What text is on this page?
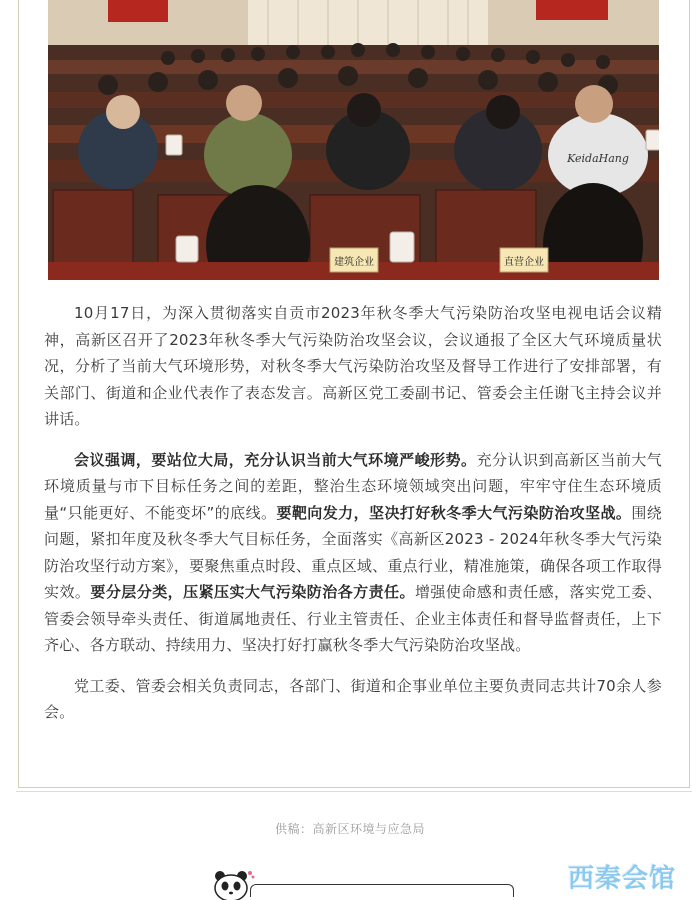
建筑企业	直营企业
KeidaHang

10月17日，为深入贯彻落实自贡市2023年秋冬季大气污染防治攻坚电视电话会议精神，高新区召开了2023年秋冬季大气污染防治攻坚会议，会议通报了全区大气环境质量状况，分析了当前大气环境形势，对秋冬季大气污染防治攻坚及督导工作进行了安排部署，有关部门、街道和企业代表作了表态发言。高新区党工委副书记、管委会主任谢飞主持会议并讲话。

会议强调，要站位大局，充分认识当前大气环境严峻形势。充分认识到高新区当前大气环境质量与市下目标任务之间的差距，整治生态环境领域突出问题，牢牢守住生态环境质量“只能更好、不能变坏”的底线。要靶向发力，坚决打好秋冬季大气污染防治攻坚战。围绕问题，紧扣年度及秋冬季大气目标任务，全面落实《高新区2023 - 2024年秋冬季大气污染防治攻坚行动方案》，要聚焦重点时段、重点区域、重点行业，精准施策，确保各项工作取得实效。要分层分类，压紧压实大气污染防治各方责任。增强使命感和责任感，落实党工委、管委会领导牵头责任、街道属地责任、行业主管责任、企业主体责任和督导监督责任，上下齐心、各方联动、持续用力、坚决打好打赢秋冬季大气污染防治攻坚战。

党工委、管委会相关负责同志，各部门、街道和企事业单位主要负责同志共计70余人参会。

供稿：高新区环境与应急局
西秦会馆
